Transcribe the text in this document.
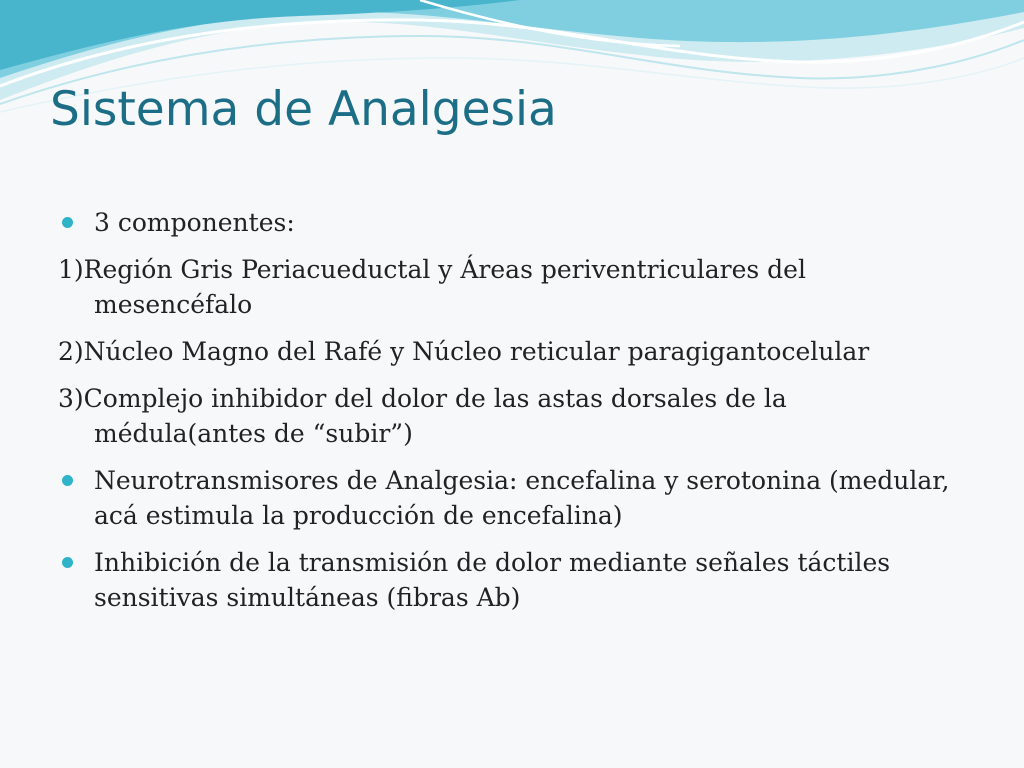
Sistema de Analgesia
3 componentes:
1)Región Gris Periacueductal y Áreas periventriculares del mesencéfalo
2)Núcleo Magno del Rafé y Núcleo reticular paragigantocelular
3)Complejo inhibidor del dolor de las astas dorsales de la médula(antes de “subir”)
Neurotransmisores de Analgesia: encefalina y serotonina (medular, acá estimula la producción de encefalina)
Inhibición de la transmisión de dolor mediante señales táctiles sensitivas simultáneas (fibras Ab)
